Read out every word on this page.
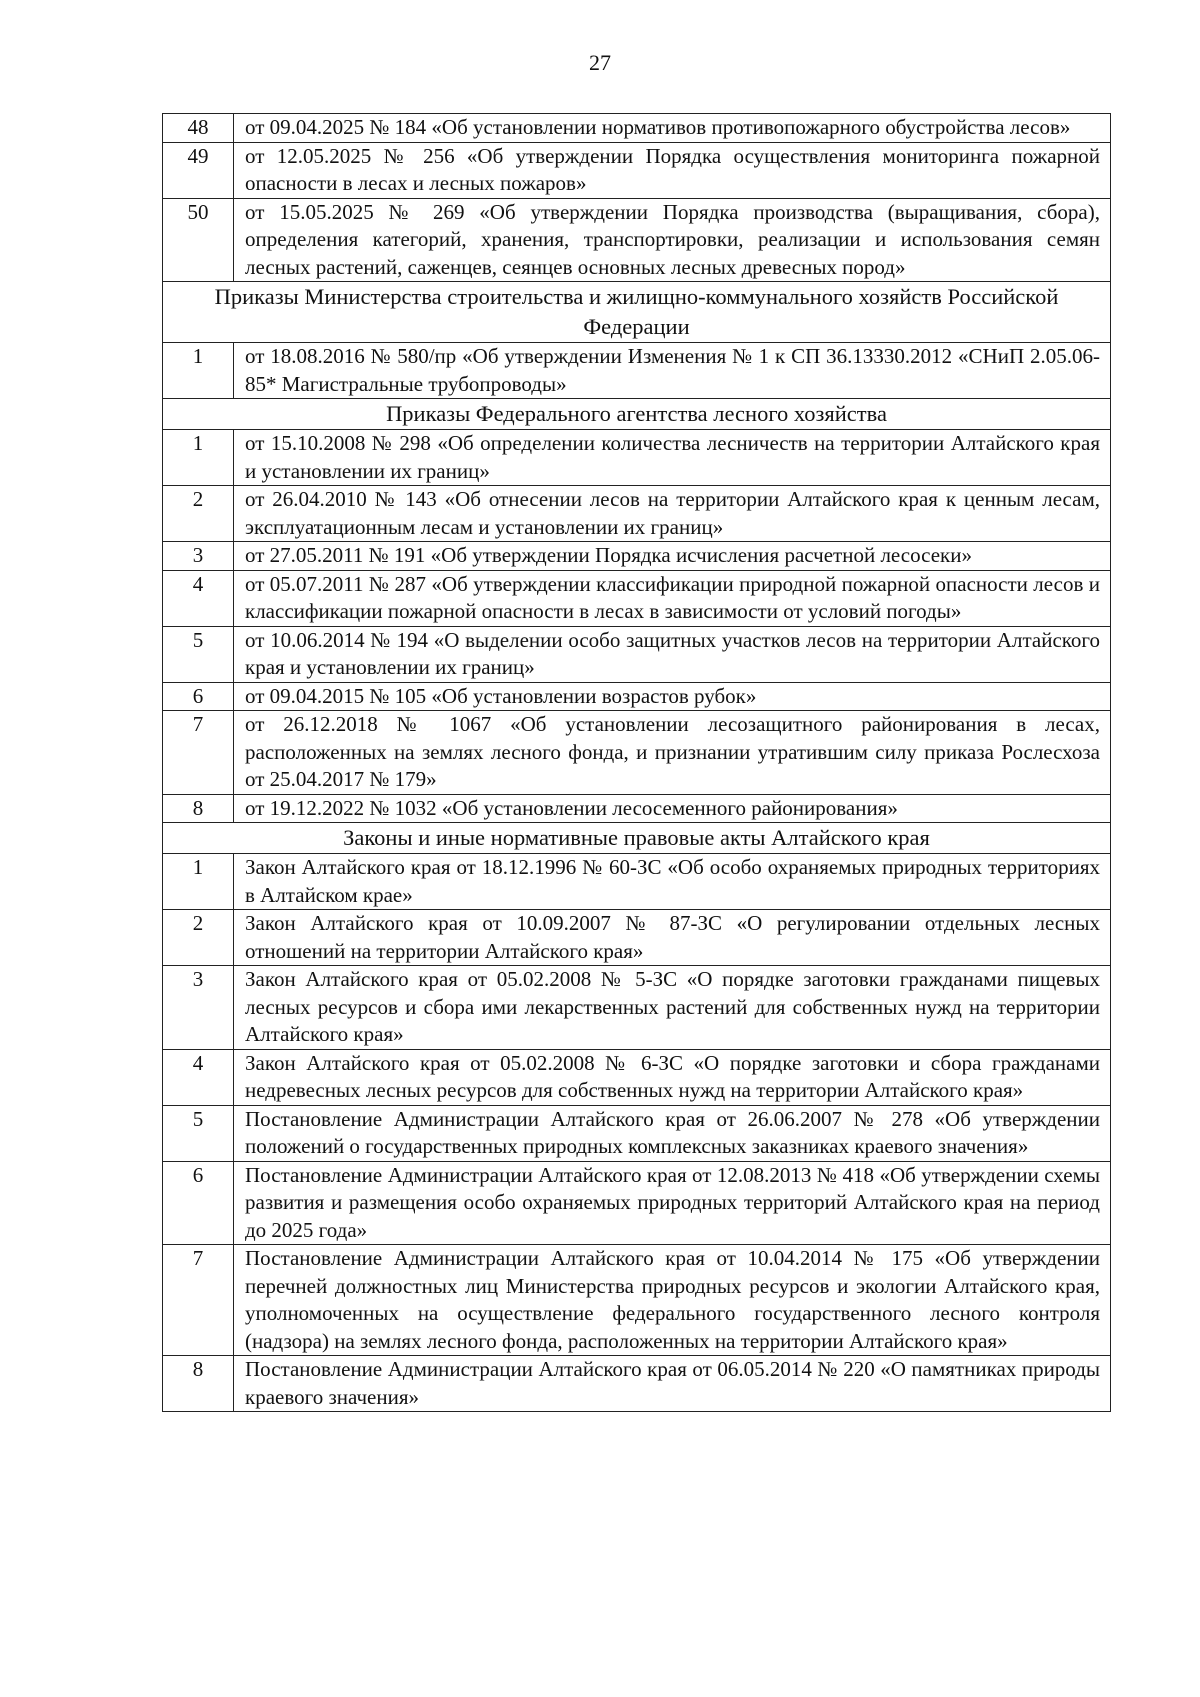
27
48	от 09.04.2025 № 184 «Об установлении нормативов противопожарного обустройства лесов»
49	от 12.05.2025 № 256 «Об утверждении Порядка осуществления мониторинга пожарной опасности в лесах и лесных пожаров»
50	от 15.05.2025 № 269 «Об утверждении Порядка производства (выращивания, сбора), определения категорий, хранения, транспортировки, реализации и использования семян лесных растений, саженцев, сеянцев основных лесных древесных пород»
Приказы Министерства строительства и жилищно-коммунального хозяйств Российской Федерации	
1	от 18.08.2016 № 580/пр «Об утверждении Изменения № 1 к СП 36.13330.2012 «СНиП 2.05.06-85* Магистральные трубопроводы»
Приказы Федерального агентства лесного хозяйства	
1	от 15.10.2008 № 298 «Об определении количества лесничеств на территории Алтайского края и установлении их границ»
2	от 26.04.2010 № 143 «Об отнесении лесов на территории Алтайского края к ценным лесам, эксплуатационным лесам и установлении их границ»
3	от 27.05.2011 № 191 «Об утверждении Порядка исчисления расчетной лесосеки»
4	от 05.07.2011 № 287 «Об утверждении классификации природной пожарной опасности лесов и классификации пожарной опасности в лесах в зависимости от условий погоды»
5	от 10.06.2014 № 194 «О выделении особо защитных участков лесов на территории Алтайского края и установлении их границ»
6	от 09.04.2015 № 105 «Об установлении возрастов рубок»
7	от 26.12.2018 № 1067 «Об установлении лесозащитного районирования в лесах, расположенных на землях лесного фонда, и признании утратившим силу приказа Рослесхоза от 25.04.2017 № 179»
8	от 19.12.2022 № 1032 «Об установлении лесосеменного районирования»
Законы и иные нормативные правовые акты Алтайского края	
1	Закон Алтайского края от 18.12.1996 № 60-ЗС «Об особо охраняемых природных территориях в Алтайском крае»
2	Закон Алтайского края от 10.09.2007 № 87-ЗС «О регулировании отдельных лесных отношений на территории Алтайского края»
3	Закон Алтайского края от 05.02.2008 № 5-ЗС «О порядке заготовки гражданами пищевых лесных ресурсов и сбора ими лекарственных растений для собственных нужд на территории Алтайского края»
4	Закон Алтайского края от 05.02.2008 № 6-ЗС «О порядке заготовки и сбора гражданами недревесных лесных ресурсов для собственных нужд на территории Алтайского края»
5	Постановление Администрации Алтайского края от 26.06.2007 № 278 «Об утверждении положений о государственных природных комплексных заказниках краевого значения»
6	Постановление Администрации Алтайского края от 12.08.2013 № 418 «Об утверждении схемы развития и размещения особо охраняемых природных территорий Алтайского края на период до 2025 года»
7	Постановление Администрации Алтайского края от 10.04.2014 № 175 «Об утверждении перечней должностных лиц Министерства природных ресурсов и экологии Алтайского края, уполномоченных на осуществление федерального государственного лесного контроля (надзора) на землях лесного фонда, расположенных на территории Алтайского края»
8	Постановление Администрации Алтайского края от 06.05.2014 № 220 «О памятниках природы краевого значения»
